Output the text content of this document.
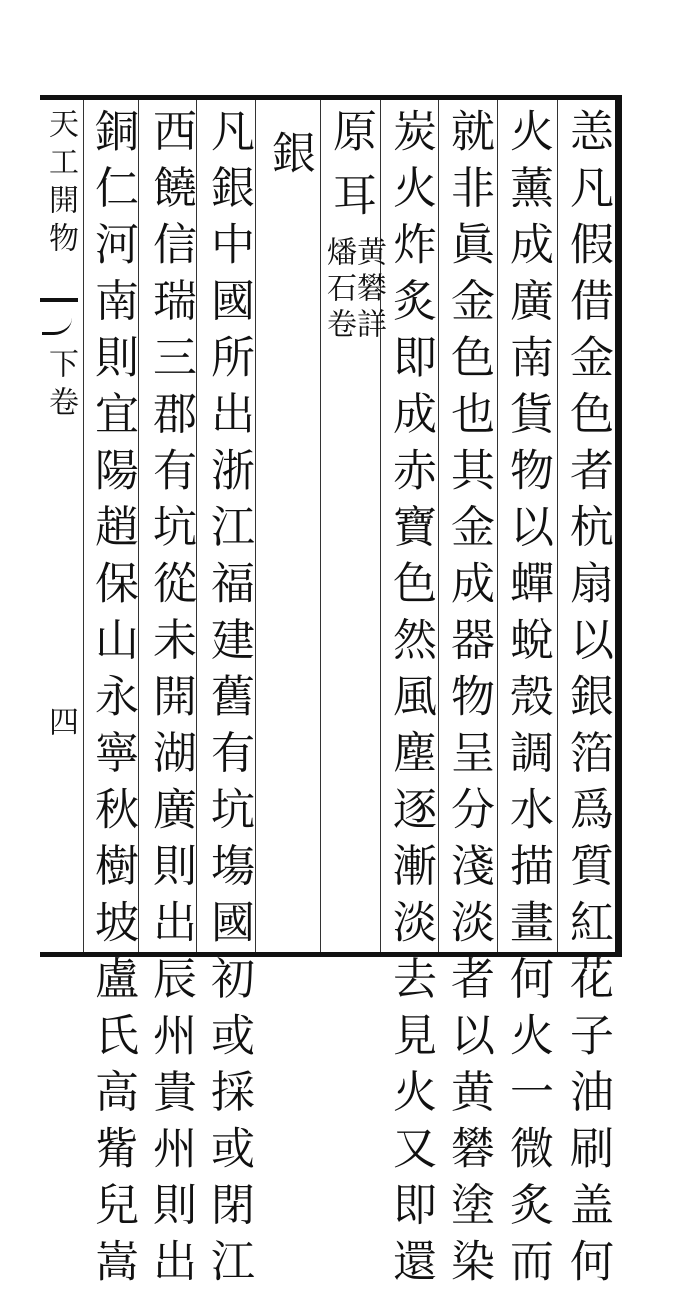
天工開物
下卷
四	恙凡假借金色者杭扇以銀箔爲質紅花子油刷盖何
火薰成廣南貨物以蟬蛻殼調水描畫何火一微炙而
就非眞金色也其金成器物呈分淺淡者以黄礬塗染
炭火炸炙即成赤寶色然風塵逐漸淡去見火又即還
原耳
黄礬詳
燔石卷
銀
凡銀中國所出浙江福建舊有坑塲國初或採或閉江
西饒信瑞三郡有坑從未開湖廣則出辰州貴州則出
銅仁河南則宜陽趙保山永寧秋樹坡盧氏高觜兒嵩
